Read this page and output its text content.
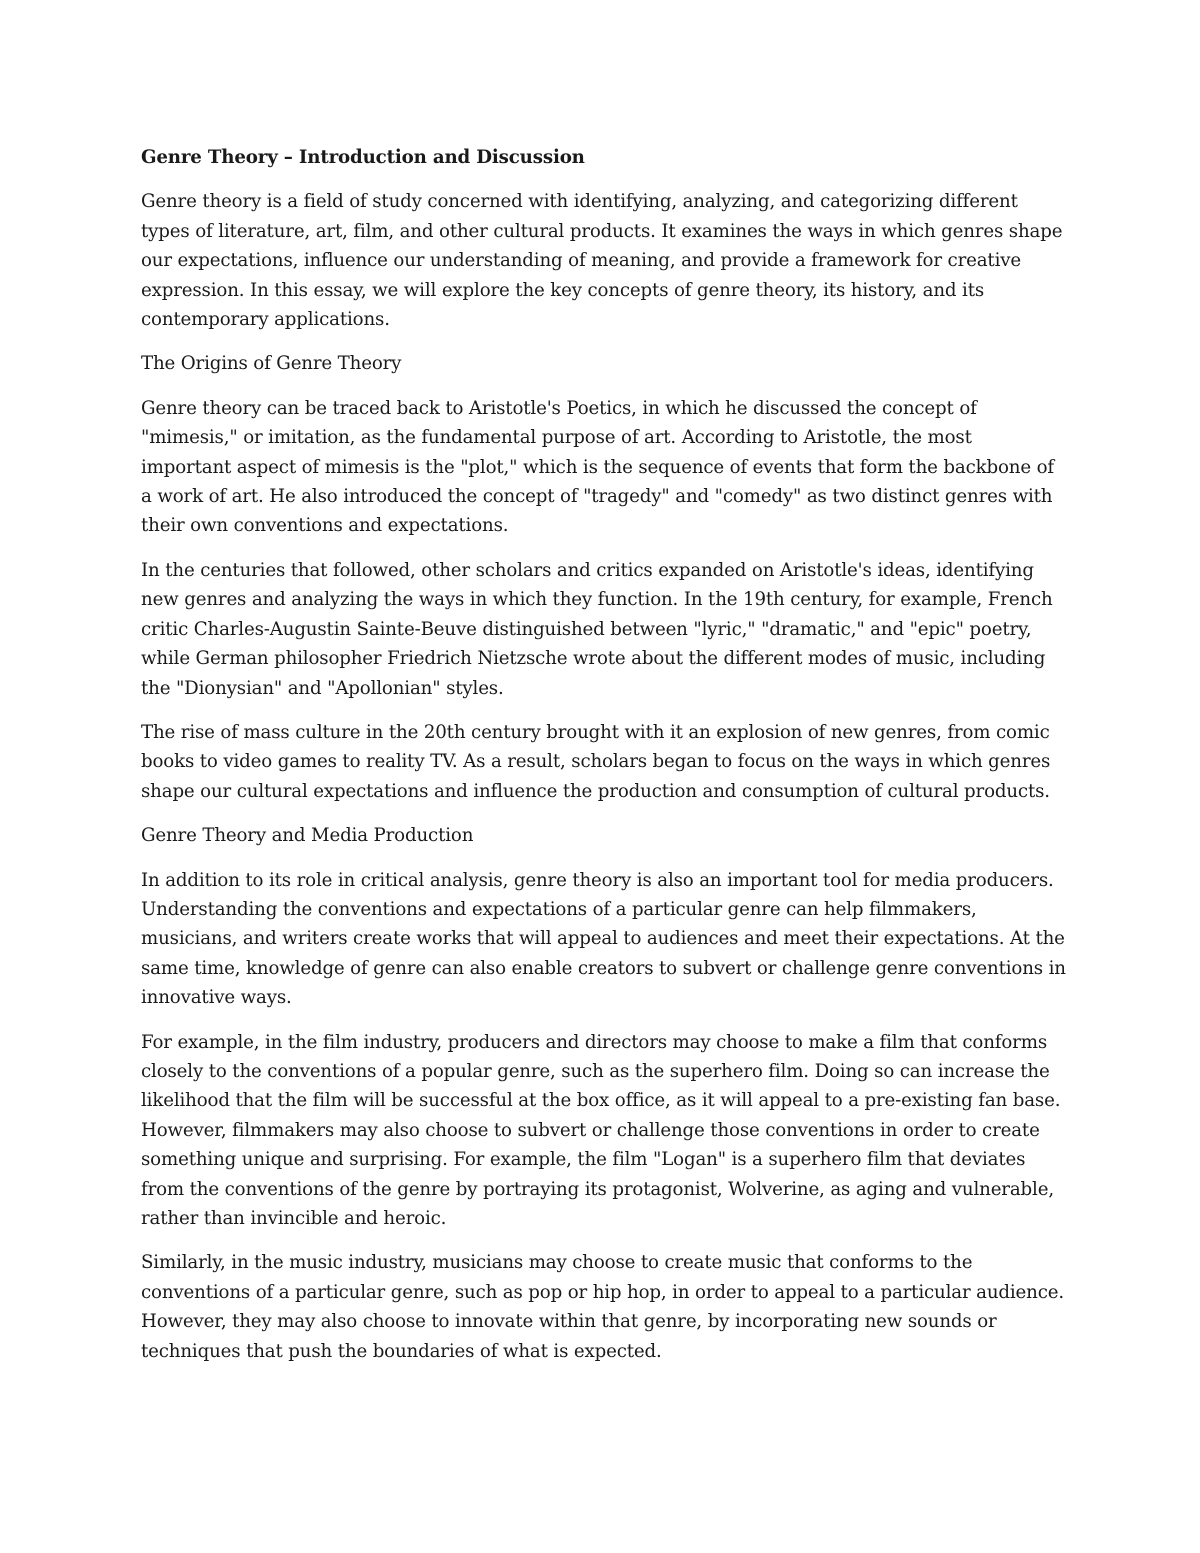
Genre Theory – Introduction and Discussion

Genre theory is a field of study concerned with identifying, analyzing, and categorizing different types of literature, art, film, and other cultural products. It examines the ways in which genres shape our expectations, influence our understanding of meaning, and provide a framework for creative expression. In this essay, we will explore the key concepts of genre theory, its history, and its contemporary applications.

The Origins of Genre Theory

Genre theory can be traced back to Aristotle's Poetics, in which he discussed the concept of "mimesis," or imitation, as the fundamental purpose of art. According to Aristotle, the most important aspect of mimesis is the "plot," which is the sequence of events that form the backbone of a work of art. He also introduced the concept of "tragedy" and "comedy" as two distinct genres with their own conventions and expectations.

In the centuries that followed, other scholars and critics expanded on Aristotle's ideas, identifying new genres and analyzing the ways in which they function. In the 19th century, for example, French critic Charles-Augustin Sainte-Beuve distinguished between "lyric," "dramatic," and "epic" poetry, while German philosopher Friedrich Nietzsche wrote about the different modes of music, including the "Dionysian" and "Apollonian" styles.

The rise of mass culture in the 20th century brought with it an explosion of new genres, from comic books to video games to reality TV. As a result, scholars began to focus on the ways in which genres shape our cultural expectations and influence the production and consumption of cultural products.

Genre Theory and Media Production

In addition to its role in critical analysis, genre theory is also an important tool for media producers. Understanding the conventions and expectations of a particular genre can help filmmakers, musicians, and writers create works that will appeal to audiences and meet their expectations. At the same time, knowledge of genre can also enable creators to subvert or challenge genre conventions in innovative ways.

For example, in the film industry, producers and directors may choose to make a film that conforms closely to the conventions of a popular genre, such as the superhero film. Doing so can increase the likelihood that the film will be successful at the box office, as it will appeal to a pre-existing fan base. However, filmmakers may also choose to subvert or challenge those conventions in order to create something unique and surprising. For example, the film "Logan" is a superhero film that deviates from the conventions of the genre by portraying its protagonist, Wolverine, as aging and vulnerable, rather than invincible and heroic.

Similarly, in the music industry, musicians may choose to create music that conforms to the conventions of a particular genre, such as pop or hip hop, in order to appeal to a particular audience. However, they may also choose to innovate within that genre, by incorporating new sounds or techniques that push the boundaries of what is expected.
